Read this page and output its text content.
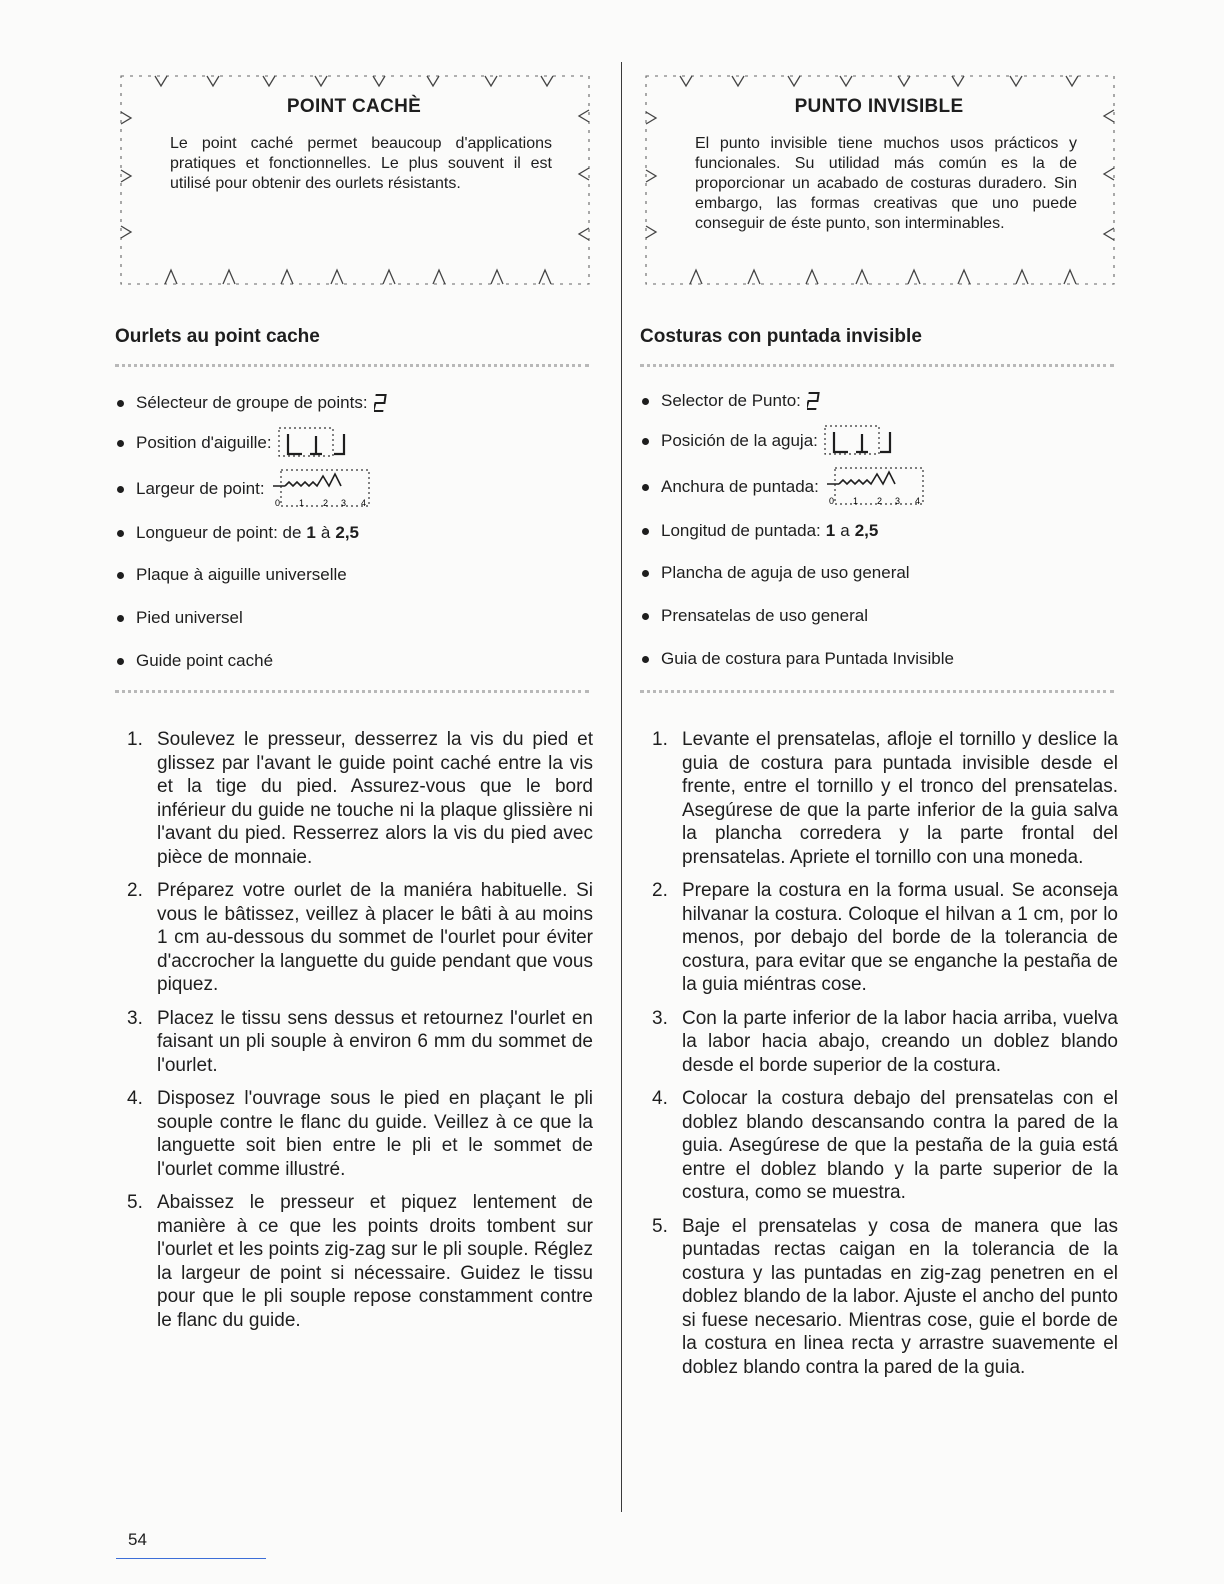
POINT CACHÈ
Le point caché permet beaucoup d'applications pratiques et fonctionnelles. Le plus souvent il est utilisé pour obtenir des ourlets résistants.
Ourlets au point cache
Sélecteur de groupe de points:
Position d'aiguille:
Largeur de point:
0 1 2 3 4
Longueur de point: de 1 à 2,5
Plaque à aiguille universelle
Pied universel
Guide point caché
1. Soulevez le presseur, desserrez la vis du pied et glissez par l'avant le guide point caché entre la vis et la tige du pied. Assurez-vous que le bord inférieur du guide ne touche ni la plaque glissière ni l'avant du pied. Resserrez alors la vis du pied avec pièce de monnaie.
2. Préparez votre ourlet de la maniéra habituelle. Si vous le bâtissez, veillez à placer le bâti à au moins 1 cm au-dessous du sommet de l'ourlet pour éviter d'accrocher la languette du guide pendant que vous piquez.
3. Placez le tissu sens dessus et retournez l'ourlet en faisant un pli souple à environ 6 mm du sommet de l'ourlet.
4. Disposez l'ouvrage sous le pied en plaçant le pli souple contre le flanc du guide. Veillez à ce que la languette soit bien entre le pli et le sommet de l'ourlet comme illustré.
5. Abaissez le presseur et piquez lentement de manière à ce que les points droits tombent sur l'ourlet et les points zig-zag sur le pli souple. Réglez la largeur de point si nécessaire. Guidez le tissu pour que le pli souple repose constamment contre le flanc du guide.
PUNTO INVISIBLE
El punto invisible tiene muchos usos prácticos y funcionales. Su utilidad más común es la de proporcionar un acabado de costuras duradero. Sin embargo, las formas creativas que uno puede conseguir de éste punto, son interminables.
Costuras con puntada invisible
Selector de Punto:
Posición de la aguja:
Anchura de puntada:
0 1 2 3 4
Longitud de puntada: 1 a 2,5
Plancha de aguja de uso general
Prensatelas de uso general
Guia de costura para Puntada Invisible
1. Levante el prensatelas, afloje el tornillo y deslice la guia de costura para puntada invisible desde el frente, entre el tornillo y el tronco del prensatelas. Asegúrese de que la parte inferior de la guia salva la plancha corredera y la parte frontal del prensatelas. Apriete el tornillo con una moneda.
2. Prepare la costura en la forma usual. Se aconseja hilvanar la costura. Coloque el hilvan a 1 cm, por lo menos, por debajo del borde de la tolerancia de costura, para evitar que se enganche la pestaña de la guia miéntras cose.
3. Con la parte inferior de la labor hacia arriba, vuelva la labor hacia abajo, creando un doblez blando desde el borde superior de la costura.
4. Colocar la costura debajo del prensatelas con el doblez blando descansando contra la pared de la guia. Asegúrese de que la pestaña de la guia está entre el doblez blando y la parte superior de la costura, como se muestra.
5. Baje el prensatelas y cosa de manera que las puntadas rectas caigan en la tolerancia de la costura y las puntadas en zig-zag penetren en el doblez blando de la labor. Ajuste el ancho del punto si fuese necesario. Mientras cose, guie el borde de la costura en linea recta y arrastre suavemente el doblez blando contra la pared de la guia.
54
